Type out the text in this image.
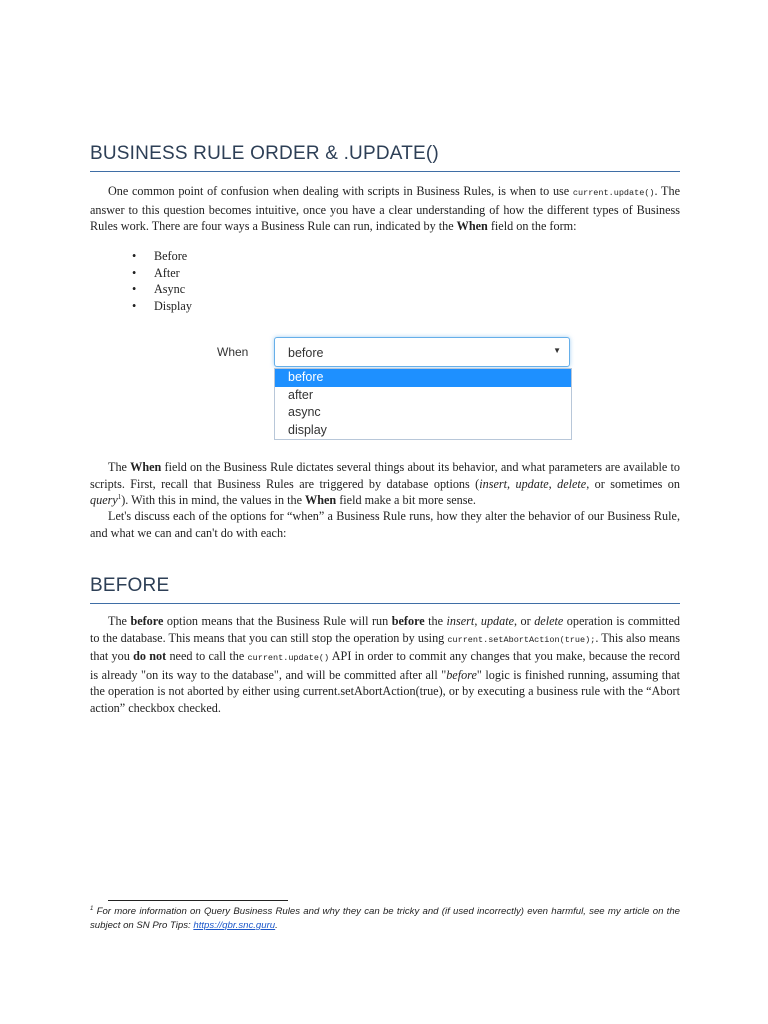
BUSINESS RULE ORDER & .UPDATE()

One common point of confusion when dealing with scripts in Business Rules, is when to use current.update(). The answer to this question becomes intuitive, once you have a clear understanding of how the different types of Business Rules work. There are four ways a Business Rule can run, indicated by the When field on the form:

• Before
• After
• Async
• Display
When	before	▼
before
after
async
display

The When field on the Business Rule dictates several things about its behavior, and what parameters are available to scripts. First, recall that Business Rules are triggered by database options (insert, update, delete, or sometimes on query$^1$). With this in mind, the values in the When field make a bit more sense.

Let's discuss each of the options for “when” a Business Rule runs, how they alter the behavior of our Business Rule, and what we can and can't do with each:

BEFORE

The before option means that the Business Rule will run before the insert, update, or delete operation is committed to the database. This means that you can still stop the operation by using current.setAbortAction(true);. This also means that you do not need to call the current.update() API in order to commit any changes that you make, because the record is already "on its way to the database", and will be committed after all "before" logic is finished running, assuming that the operation is not aborted by either using current.setAbortAction(true), or by executing a business rule with the “Abort action” checkbox checked.

$^1$ For more information on Query Business Rules and why they can be tricky and (if used incorrectly) even harmful, see my article on the subject on SN Pro Tips: https://qbr.snc.guru.
